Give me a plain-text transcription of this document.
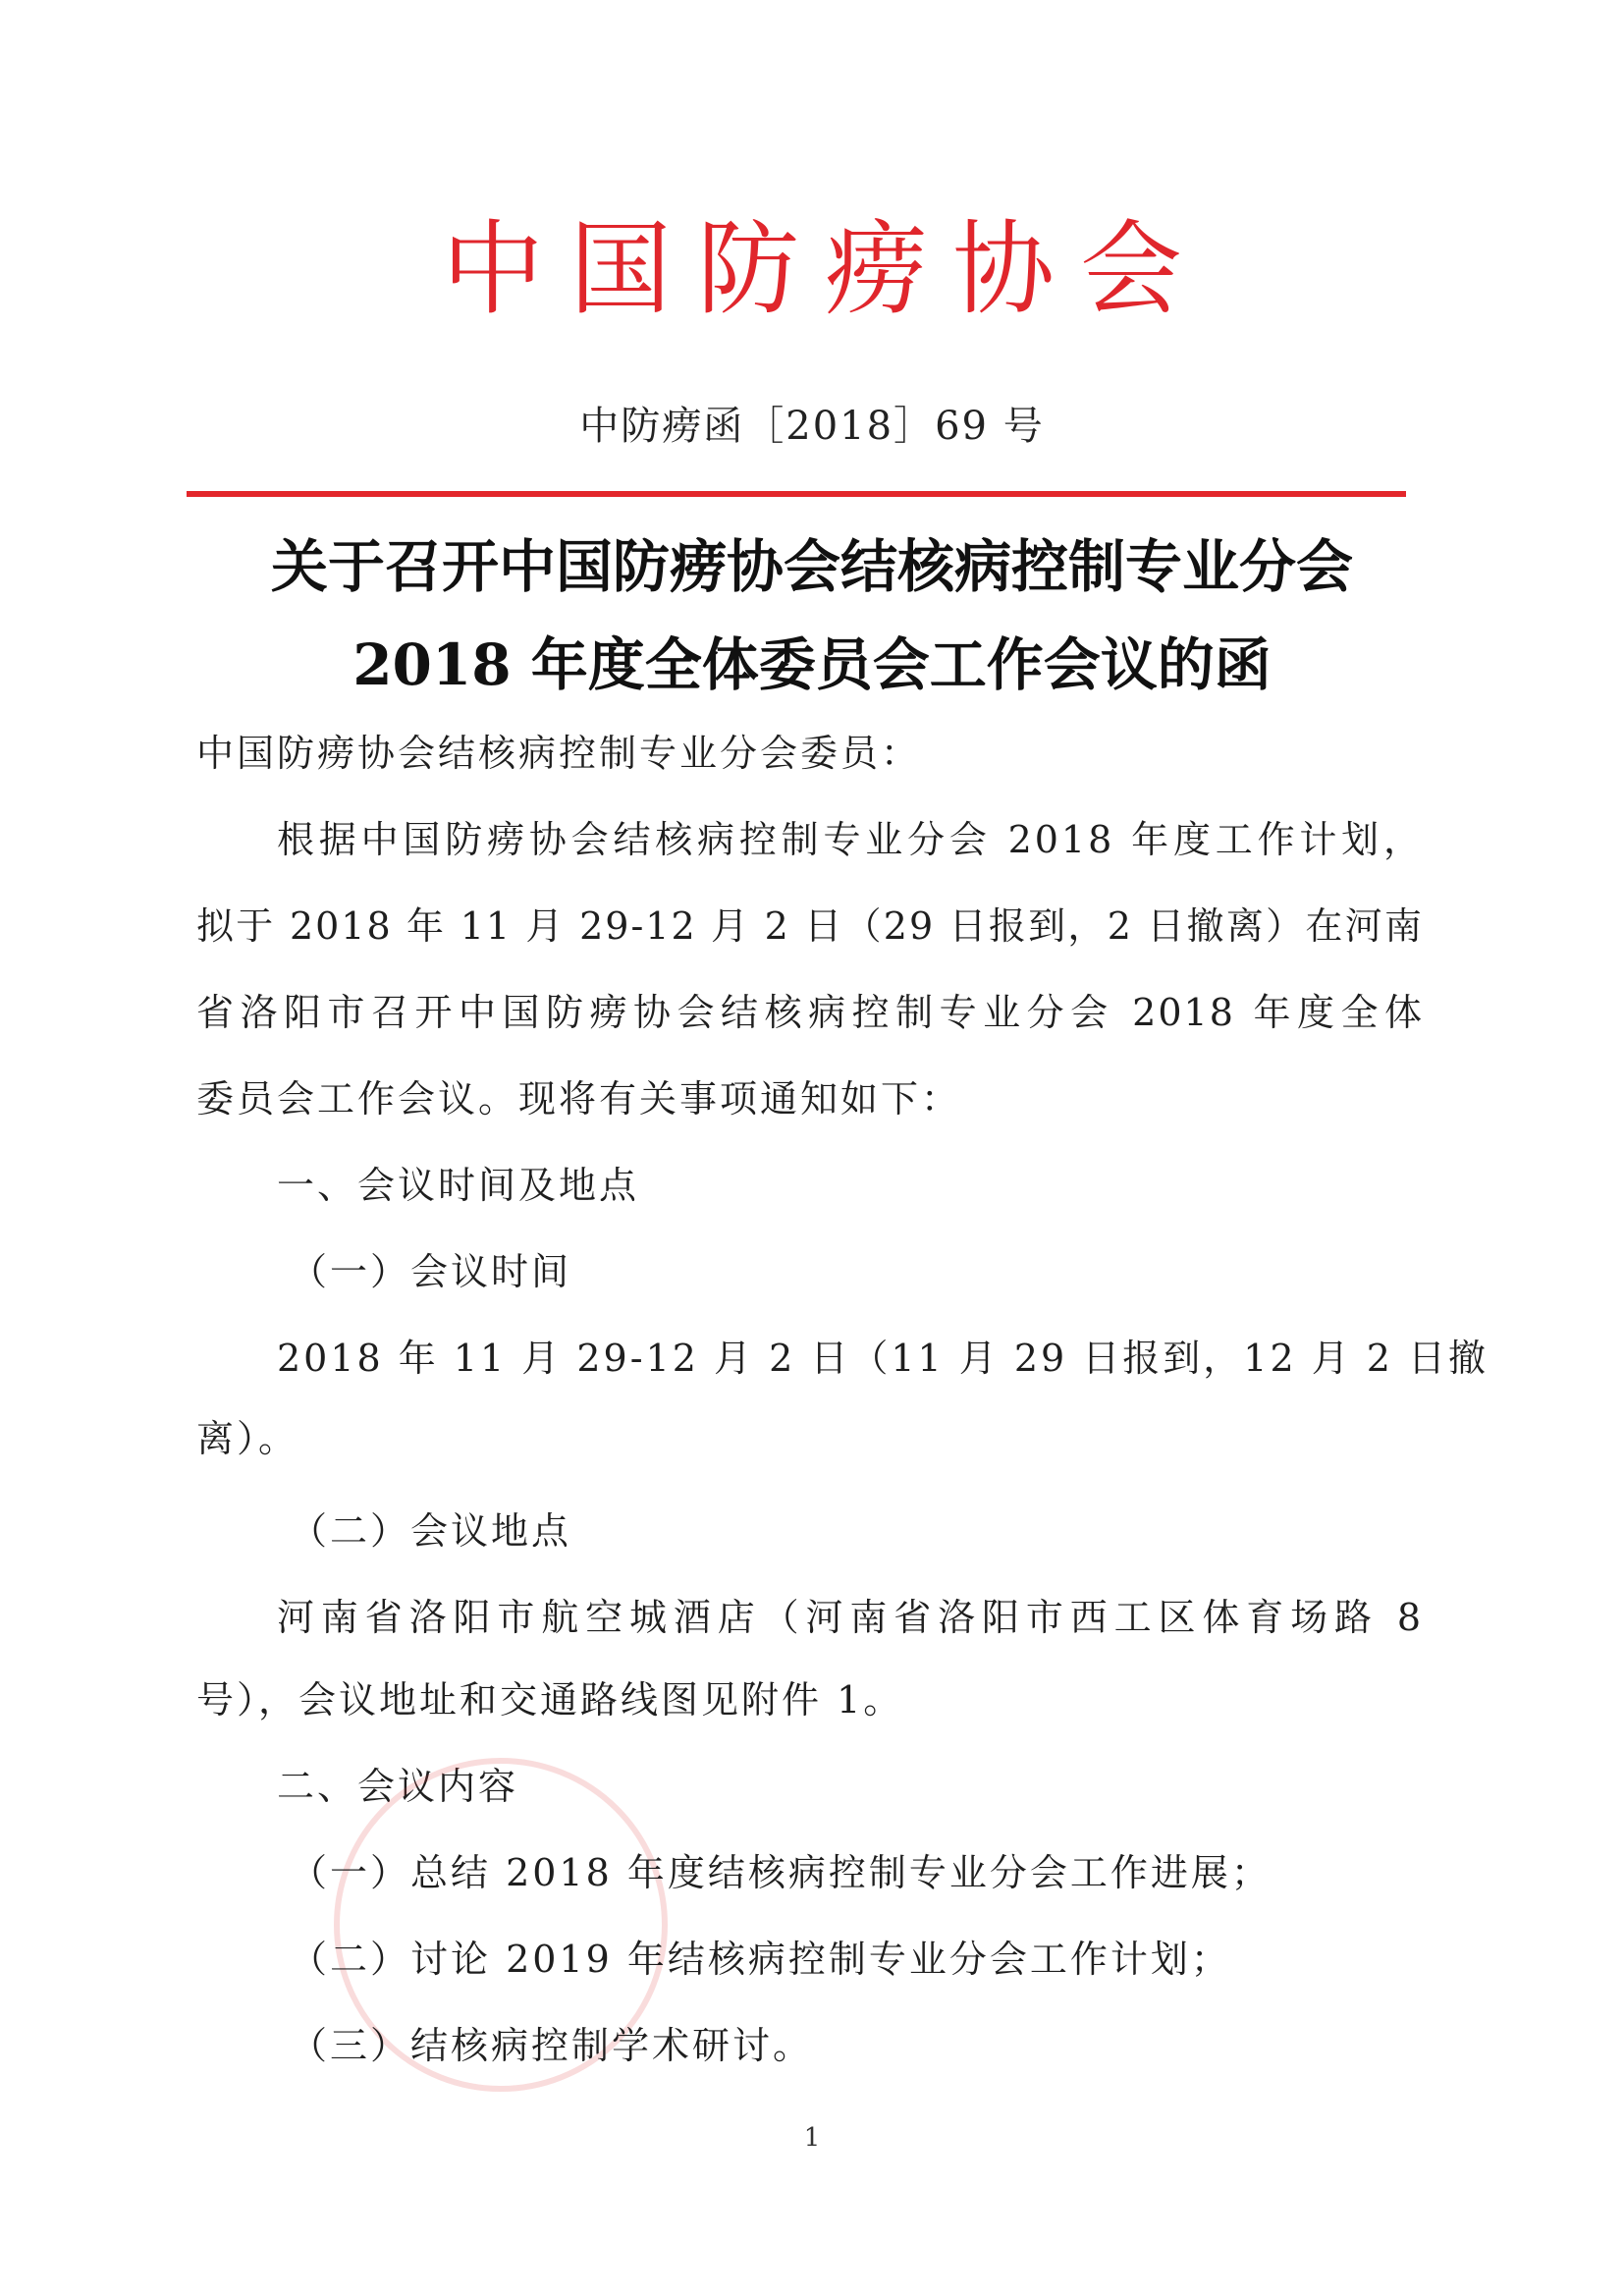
中国防痨协会
中防痨函［2018］69 号
关于召开中国防痨协会结核病控制专业分会
2018 年度全体委员会工作会议的函
中国防痨协会结核病控制专业分会委员：
根据中国防痨协会结核病控制专业分会 2018 年度工作计划，
拟于 2018 年 11 月 29-12 月 2 日（29 日报到，2 日撤离）在河南
省洛阳市召开中国防痨协会结核病控制专业分会 2018 年度全体
委员会工作会议。现将有关事项通知如下：
一、会议时间及地点
（一）会议时间
2018 年 11 月 29-12 月 2 日（11 月 29 日报到，12 月 2 日撤
离）。
（二）会议地点
河南省洛阳市航空城酒店（河南省洛阳市西工区体育场路 8
号），会议地址和交通路线图见附件 1。
二、会议内容
（一）总结 2018 年度结核病控制专业分会工作进展；
（二）讨论 2019 年结核病控制专业分会工作计划；
（三）结核病控制学术研讨。
1
